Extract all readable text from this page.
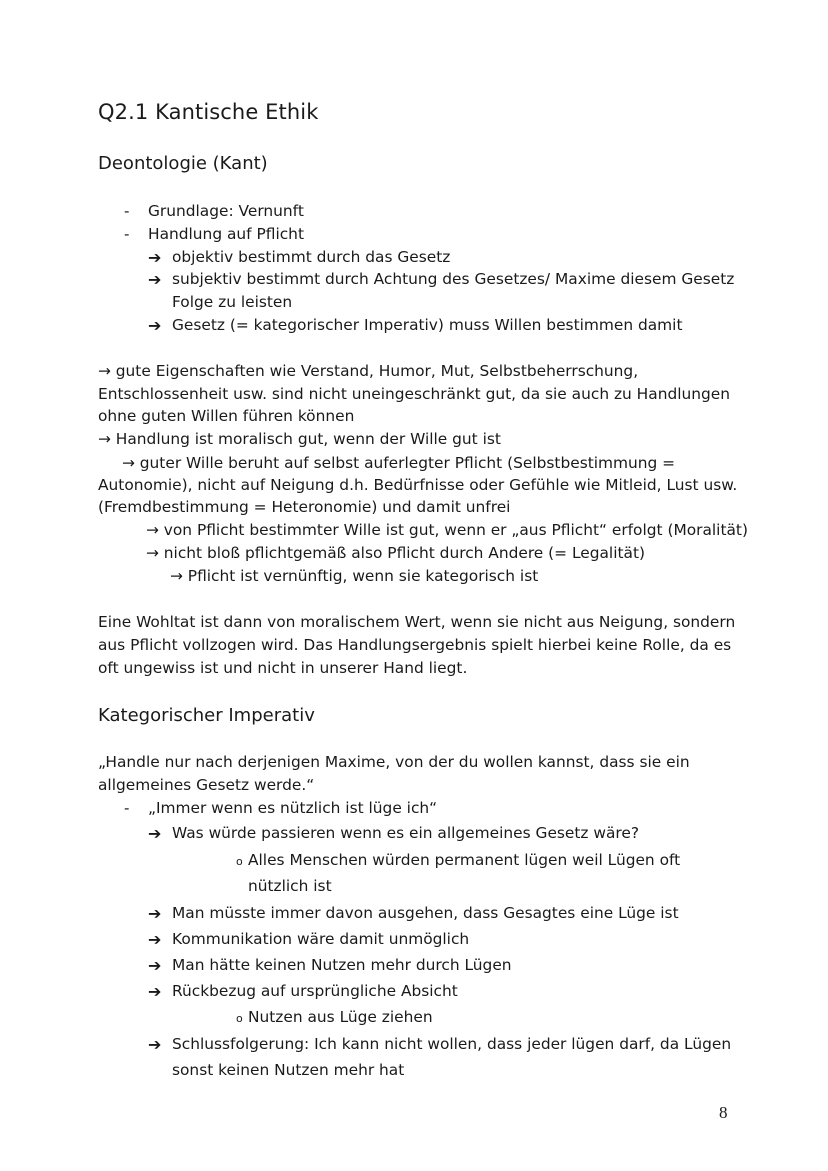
Q2.1 Kantische Ethik
Deontologie (Kant)
- Grundlage: Vernunft
- Handlung auf Pflicht
➔ objektiv bestimmt durch das Gesetz
➔ subjektiv bestimmt durch Achtung des Gesetzes/ Maxime diesem Gesetz
Folge zu leisten
➔ Gesetz (= kategorischer Imperativ) muss Willen bestimmen damit
→ gute Eigenschaften wie Verstand, Humor, Mut, Selbstbeherrschung,
Entschlossenheit usw. sind nicht uneingeschränkt gut, da sie auch zu Handlungen
ohne guten Willen führen können
→ Handlung ist moralisch gut, wenn der Wille gut ist
→ guter Wille beruht auf selbst auferlegter Pflicht (Selbstbestimmung =
Autonomie), nicht auf Neigung d.h. Bedürfnisse oder Gefühle wie Mitleid, Lust usw.
(Fremdbestimmung = Heteronomie) und damit unfrei
→ von Pflicht bestimmter Wille ist gut, wenn er „aus Pflicht“ erfolgt (Moralität)
→ nicht bloß pflichtgemäß also Pflicht durch Andere (= Legalität)
→ Pflicht ist vernünftig, wenn sie kategorisch ist
Eine Wohltat ist dann von moralischem Wert, wenn sie nicht aus Neigung, sondern
aus Pflicht vollzogen wird. Das Handlungsergebnis spielt hierbei keine Rolle, da es
oft ungewiss ist und nicht in unserer Hand liegt.
Kategorischer Imperativ
„Handle nur nach derjenigen Maxime, von der du wollen kannst, dass sie ein
allgemeines Gesetz werde.“
- „Immer wenn es nützlich ist lüge ich“
➔ Was würde passieren wenn es ein allgemeines Gesetz wäre?
o Alles Menschen würden permanent lügen weil Lügen oft
nützlich ist
➔ Man müsste immer davon ausgehen, dass Gesagtes eine Lüge ist
➔ Kommunikation wäre damit unmöglich
➔ Man hätte keinen Nutzen mehr durch Lügen
➔ Rückbezug auf ursprüngliche Absicht
o Nutzen aus Lüge ziehen
➔ Schlussfolgerung: Ich kann nicht wollen, dass jeder lügen darf, da Lügen
sonst keinen Nutzen mehr hat
8
